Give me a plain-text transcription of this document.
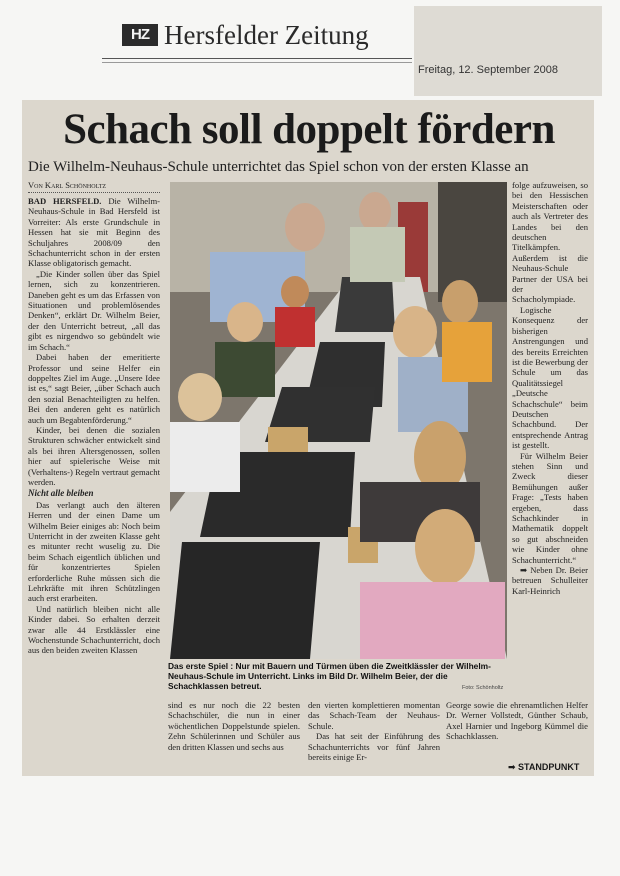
HZ Hersfelder Zeitung
Freitag, 12. September 2008
Schach soll doppelt fördern
Die Wilhelm-Neuhaus-Schule unterrichtet das Spiel schon von der ersten Klasse an
Von Karl Schönholtz

BAD HERSFELD. Die Wilhelm-Neuhaus-Schule in Bad Hersfeld ist Vorreiter: Als erste Grundschule in Hessen hat sie mit Beginn des Schuljahres 2008/09 den Schachunterricht schon in der ersten Klasse obligatorisch gemacht.

„Die Kinder sollen über das Spiel lernen, sich zu konzentrieren. Daneben geht es um das Erfassen von Situationen und problemlösendes Denken“, erklärt Dr. Wilhelm Beier, der den Unterricht betreut, „all das gibt es nirgendwo so gebündelt wie im Schach.“

Dabei haben der emeritierte Professor und seine Helfer ein doppeltes Ziel im Auge. „Unsere Idee ist es,“ sagt Beier, „über Schach auch den sozial Benachteiligten zu helfen. Bei den anderen geht es natürlich auch um Begabtenförderung.“

Kinder, bei denen die sozialen Strukturen schwächer entwickelt sind als bei ihren Altersgenossen, sollen hier auf spielerische Weise mit (Verhaltens-) Regeln vertraut gemacht werden.

Nicht alle bleiben

Das verlangt auch den älteren Herren und der einen Dame um Wilhelm Beier einiges ab: Noch beim Unterricht in der zweiten Klasse geht es mitunter recht wuselig zu. Die beim Schach eigentlich üblichen und für konzentriertes Spielen erforderliche Ruhe müssen sich die Lehrkräfte mit ihren Schützlingen auch erst erarbeiten.

Und natürlich bleiben nicht alle Kinder dabei. So erhalten derzeit zwar alle 44 Erstklässler eine Wochenstunde Schachunterricht, doch aus den beiden zweiten Klassen

Das erste Spiel : Nur mit Bauern und Türmen üben die Zweitklässler der Wilhelm-Neuhaus-Schule im Unterricht. Links im Bild Dr. Wilhelm Beier, der die Schachklassen betreut.	Foto: Schönholtz

folge aufzuweisen, so bei den Hessischen Meisterschaften oder auch als Vertreter des Landes bei den deutschen Titelkämpfen. Außerdem ist die Neuhaus-Schule Partner der USA bei der Schacholympiade.

Logische Konsequenz der bisherigen Anstrengungen und des bereits Erreichten ist die Bewerbung der Schule um das Qualitätssiegel „Deutsche Schachschule“ beim Deutschen Schachbund. Der entsprechende Antrag ist gestellt.

Für Wilhelm Beier stehen Sinn und Zweck dieser Bemühungen außer Frage: „Tests haben ergeben, dass Schachkinder in Mathematik doppelt so gut abschneiden wie Kinder ohne Schachunterricht.“

➡ Neben Dr. Beier betreuen Schulleiter Karl-Heinrich

sind es nur noch die 22 besten Schachschüler, die nun in einer wöchentlichen Doppelstunde spielen. Zehn Schülerinnen und Schüler aus den dritten Klassen und sechs aus

den vierten komplettieren momentan das Schach-Team der Neuhaus-Schule.

Das hat seit der Einführung des Schachunterrichts vor fünf Jahren bereits einige Er-

George sowie die ehrenamtlichen Helfer Dr. Werner Vollstedt, Günther Schaub, Axel Harnier und Ingeborg Kümmel die Schachklassen.

➡ STANDPUNKT
